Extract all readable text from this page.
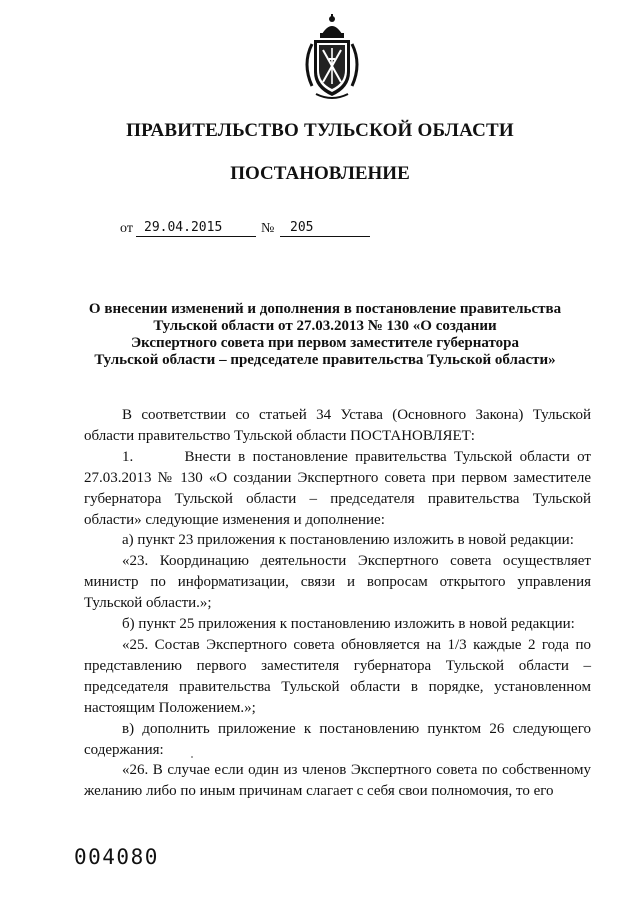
ПРАВИТЕЛЬСТВО ТУЛЬСКОЙ ОБЛАСТИ
ПОСТАНОВЛЕНИЕ
от 29.04.2015	№ 205
О внесении изменений и дополнения в постановление правительства
Тульской области от 27.03.2013 № 130 «О создании
Экспертного совета при первом заместителе губернатора
Тульской области – председателе правительства Тульской области»

В соответствии со статьей 34 Устава (Основного Закона) Тульской области правительство Тульской области ПОСТАНОВЛЯЕТ:

1.       Внести в постановление правительства Тульской области от 27.03.2013 № 130 «О создании Экспертного совета при первом заместителе губернатора Тульской области – председателя правительства Тульской области» следующие изменения и дополнение:

а) пункт 23 приложения к постановлению изложить в новой редакции:

«23. Координацию деятельности Экспертного совета осуществляет министр по информатизации, связи и вопросам открытого управления Тульской области.»;

б) пункт 25 приложения к постановлению изложить в новой редакции:

«25. Состав Экспертного совета обновляется на 1/3 каждые 2 года по представлению первого заместителя губернатора Тульской области – председателя правительства Тульской области в порядке, установленном настоящим Положением.»;

в) дополнить приложение к постановлению пунктом 26 следующего содержания:

«26. В случае если один из членов Экспертного совета по собственному желанию либо по иным причинам слагает с себя свои полномочия, то его

004080
